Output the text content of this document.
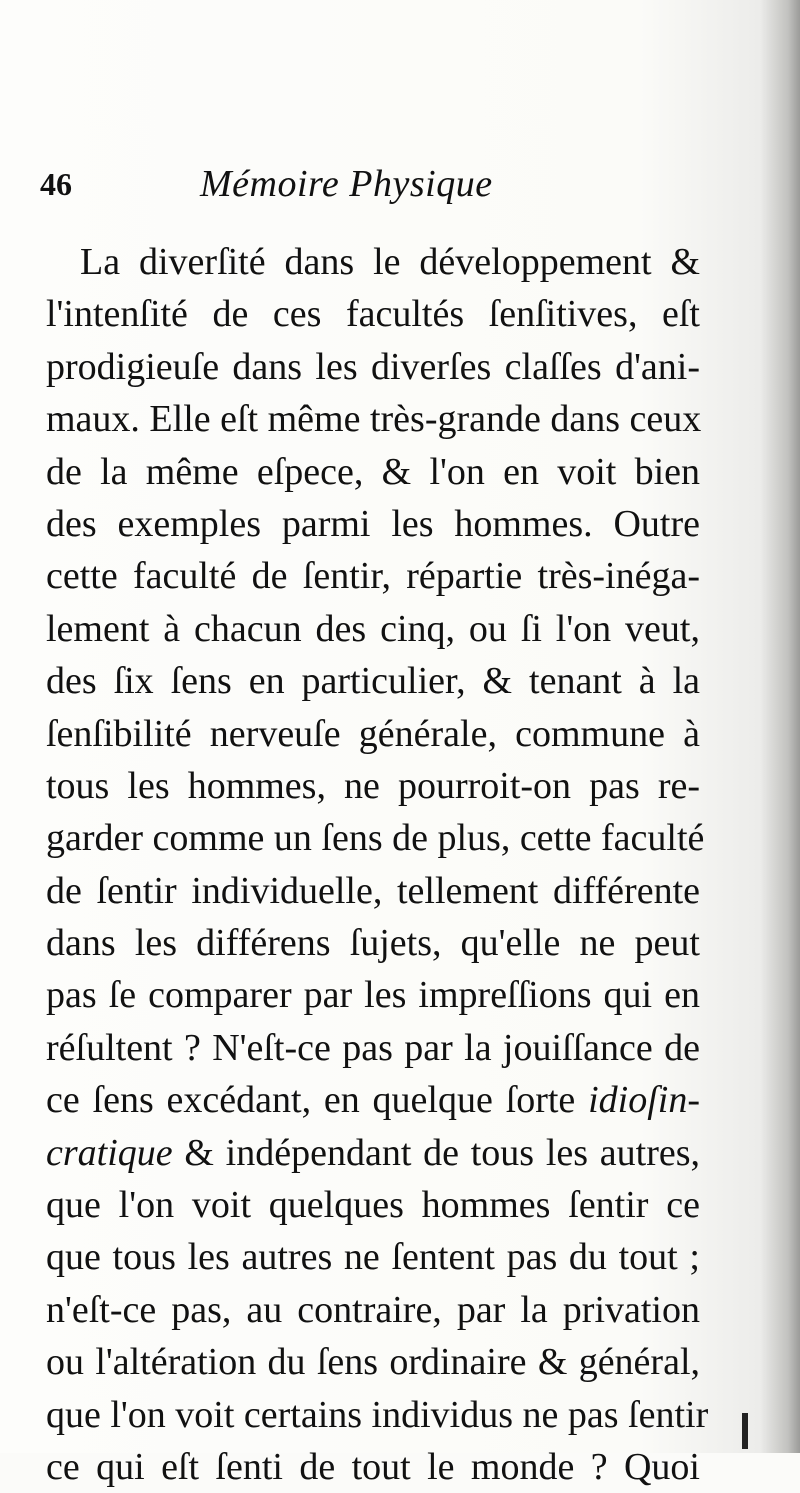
46	Mémoire Physique
La diverſité dans le développement &
l'intenſité de ces facultés ſenſitives, eſt
prodigieuſe dans les diverſes claſſes d'ani-
maux. Elle eſt même très-grande dans ceux
de la même eſpece, & l'on en voit bien
des exemples parmi les hommes. Outre
cette faculté de ſentir, répartie très-inéga-
lement à chacun des cinq, ou ſi l'on veut,
des ſix ſens en particulier, & tenant à la
ſenſibilité nerveuſe générale, commune à
tous les hommes, ne pourroit-on pas re-
garder comme un ſens de plus, cette faculté
de ſentir individuelle, tellement différente
dans les différens ſujets, qu'elle ne peut
pas ſe comparer par les impreſſions qui en
réſultent ? N'eſt-ce pas par la jouiſſance de
ce ſens excédant, en quelque ſorte idioſin-
cratique & indépendant de tous les autres,
que l'on voit quelques hommes ſentir ce
que tous les autres ne ſentent pas du tout ;
n'eſt-ce pas, au contraire, par la privation
ou l'altération du ſens ordinaire & général,
que l'on voit certains individus ne pas ſentir
ce qui eſt ſenti de tout le monde ? Quoi
